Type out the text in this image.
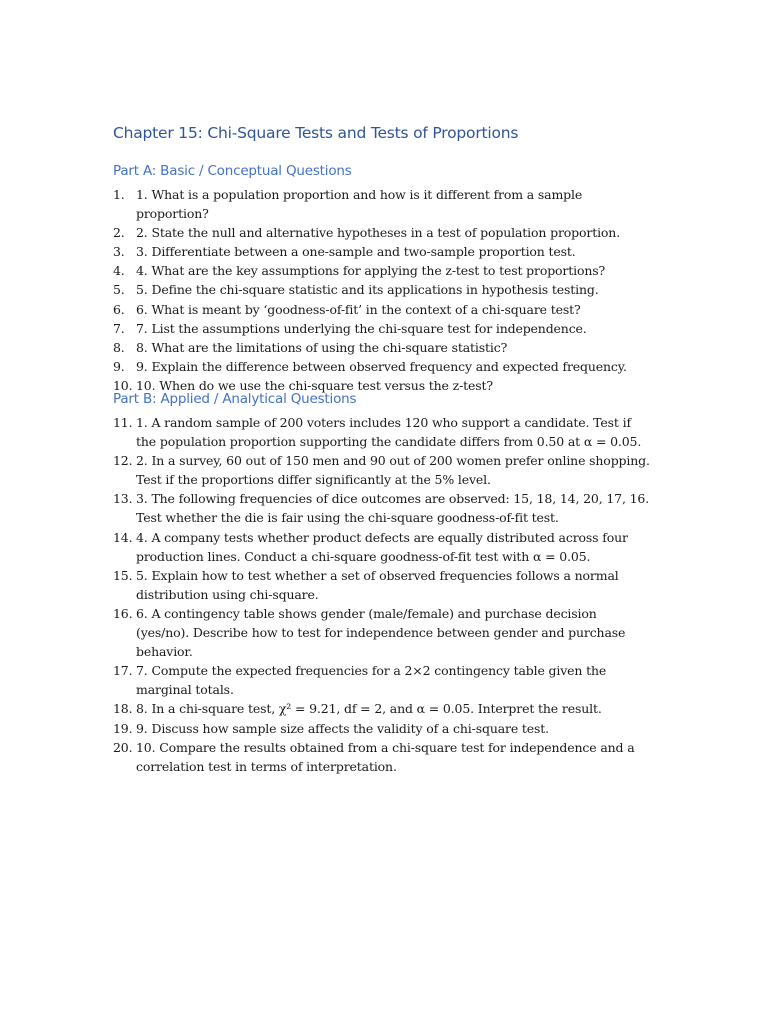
Chapter 15: Chi-Square Tests and Tests of Proportions
Part A: Basic / Conceptual Questions
1. 1. What is a population proportion and how is it different from a sample proportion?
2. 2. State the null and alternative hypotheses in a test of population proportion.
3. 3. Differentiate between a one-sample and two-sample proportion test.
4. 4. What are the key assumptions for applying the z-test to test proportions?
5. 5. Define the chi-square statistic and its applications in hypothesis testing.
6. 6. What is meant by ‘goodness-of-fit’ in the context of a chi-square test?
7. 7. List the assumptions underlying the chi-square test for independence.
8. 8. What are the limitations of using the chi-square statistic?
9. 9. Explain the difference between observed frequency and expected frequency.
10. 10. When do we use the chi-square test versus the z-test?
Part B: Applied / Analytical Questions
11. 1. A random sample of 200 voters includes 120 who support a candidate. Test if the population proportion supporting the candidate differs from 0.50 at α = 0.05.
12. 2. In a survey, 60 out of 150 men and 90 out of 200 women prefer online shopping. Test if the proportions differ significantly at the 5% level.
13. 3. The following frequencies of dice outcomes are observed: 15, 18, 14, 20, 17, 16. Test whether the die is fair using the chi-square goodness-of-fit test.
14. 4. A company tests whether product defects are equally distributed across four production lines. Conduct a chi-square goodness-of-fit test with α = 0.05.
15. 5. Explain how to test whether a set of observed frequencies follows a normal distribution using chi-square.
16. 6. A contingency table shows gender (male/female) and purchase decision (yes/no). Describe how to test for independence between gender and purchase behavior.
17. 7. Compute the expected frequencies for a 2×2 contingency table given the marginal totals.
18. 8. In a chi-square test, χ² = 9.21, df = 2, and α = 0.05. Interpret the result.
19. 9. Discuss how sample size affects the validity of a chi-square test.
20. 10. Compare the results obtained from a chi-square test for independence and a correlation test in terms of interpretation.
